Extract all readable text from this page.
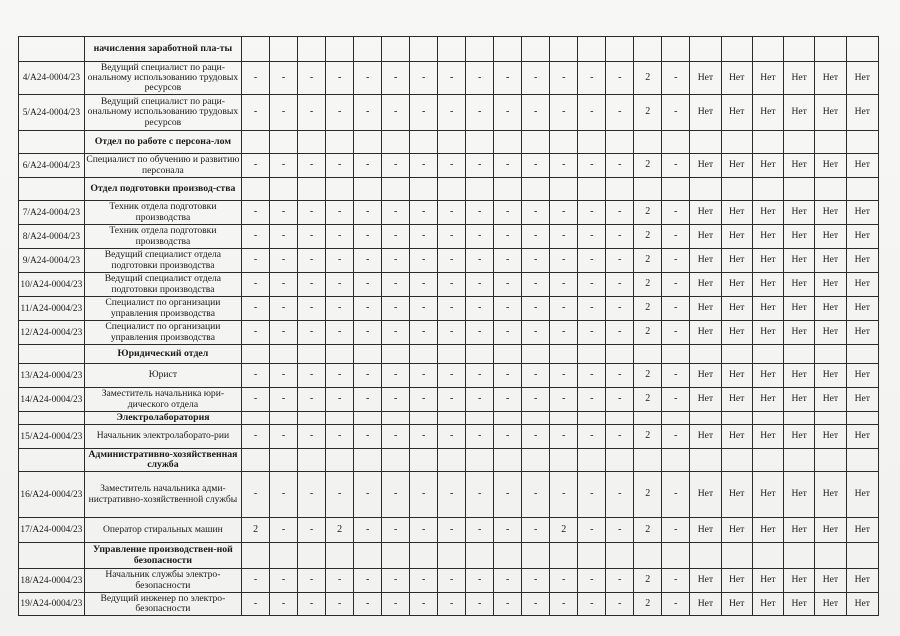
	начисления заработной пла-ты																						
4/А24-0004/23	Ведущий специалист по раци-ональному использованию трудовых ресурсов	-	-	-	-	-	-	-	-	-	-	-	-	-	-	2	-	Нет	Нет	Нет	Нет	Нет	Нет
5/А24-0004/23	Ведущий специалист по раци-ональному использованию трудовых ресурсов	-	-	-	-	-	-	-	-	-	-	-	-	-	-	2	-	Нет	Нет	Нет	Нет	Нет	Нет
	Отдел по работе с персона-лом																						
6/А24-0004/23	Специалист по обучению и развитию персонала	-	-	-	-	-	-	-	-	-	-	-	-	-	-	2	-	Нет	Нет	Нет	Нет	Нет	Нет
	Отдел подготовки производ-ства																						
7/А24-0004/23	Техник отдела подготовки производства	-	-	-	-	-	-	-	-	-	-	-	-	-	-	2	-	Нет	Нет	Нет	Нет	Нет	Нет
8/А24-0004/23	Техник отдела подготовки производства	-	-	-	-	-	-	-	-	-	-	-	-	-	-	2	-	Нет	Нет	Нет	Нет	Нет	Нет
9/А24-0004/23	Ведущий специалист отдела подготовки производства	-	-	-	-	-	-	-	-	-	-	-	-	-	-	2	-	Нет	Нет	Нет	Нет	Нет	Нет
10/А24-0004/23	Ведущий специалист отдела подготовки производства	-	-	-	-	-	-	-	-	-	-	-	-	-	-	2	-	Нет	Нет	Нет	Нет	Нет	Нет
11/А24-0004/23	Специалист по организации управления производства	-	-	-	-	-	-	-	-	-	-	-	-	-	-	2	-	Нет	Нет	Нет	Нет	Нет	Нет
12/А24-0004/23	Специалист по организации управления производства	-	-	-	-	-	-	-	-	-	-	-	-	-	-	2	-	Нет	Нет	Нет	Нет	Нет	Нет
	Юридический отдел																						
13/А24-0004/23	Юрист	-	-	-	-	-	-	-	-	-	-	-	-	-	-	2	-	Нет	Нет	Нет	Нет	Нет	Нет
14/А24-0004/23	Заместитель начальника юри-дического отдела	-	-	-	-	-	-	-	-	-	-	-	-	-	-	2	-	Нет	Нет	Нет	Нет	Нет	Нет
	Электролаборатория																						
15/А24-0004/23	Начальник электролаборато-рии	-	-	-	-	-	-	-	-	-	-	-	-	-	-	2	-	Нет	Нет	Нет	Нет	Нет	Нет
	Административно-хозяйственная служба																						
16/А24-0004/23	Заместитель начальника адми-нистративно-хозяйственной службы	-	-	-	-	-	-	-	-	-	-	-	-	-	-	2	-	Нет	Нет	Нет	Нет	Нет	Нет
17/А24-0004/23	Оператор стиральных машин	2	-	-	2	-	-	-	-	-	-	-	2	-	-	2	-	Нет	Нет	Нет	Нет	Нет	Нет
	Управление производствен-ной безопасности																						
18/А24-0004/23	Начальник службы электро-безопасности	-	-	-	-	-	-	-	-	-	-	-	-	-	-	2	-	Нет	Нет	Нет	Нет	Нет	Нет
19/А24-0004/23	Ведущий инженер по электро-безопасности	-	-	-	-	-	-	-	-	-	-	-	-	-	-	2	-	Нет	Нет	Нет	Нет	Нет	Нет
